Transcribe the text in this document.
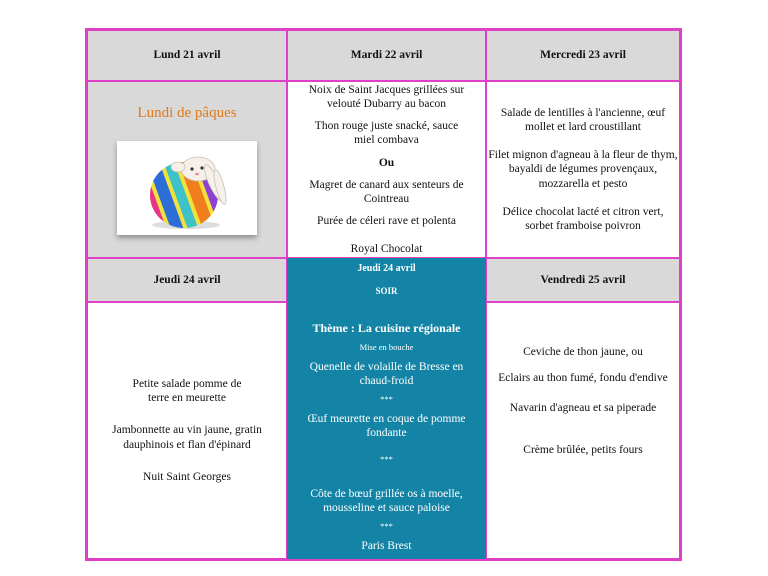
Lund 21 avril	Mardi 22 avril	Mercredi 23 avril
Lundi de pâques
Noix de Saint Jacques grillées sur velouté Dubarry au bacon
Thon rouge juste snacké, sauce miel combava
Ou
Magret de canard aux senteurs de Cointreau
Purée de céleri rave et polenta
Royal Chocolat
Salade de lentilles à l'ancienne, œuf mollet et lard croustillant
Filet mignon d'agneau à la fleur de thym, bayaldi de légumes provençaux, mozzarella et pesto
Délice chocolat lacté et citron vert, sorbet framboise poivron
Jeudi 24 avril
Jeudi 24 avril
SOIR
Vendredi 25 avril
Petite salade pomme de terre en meurette
Jambonnette au vin jaune, gratin dauphinois et flan d'épinard
Nuit Saint Georges
Thème : La cuisine régionale
Mise en bouche
Quenelle de volaille de Bresse en chaud-froid
***
Œuf meurette en coque de pomme fondante
***
Côte de bœuf grillée os à moelle, mousseline et sauce paloise
***
Paris Brest
Ceviche de thon jaune, ou
Eclairs au thon fumé, fondu d'endive
Navarin d'agneau et sa piperade
Crème brûlée, petits fours
